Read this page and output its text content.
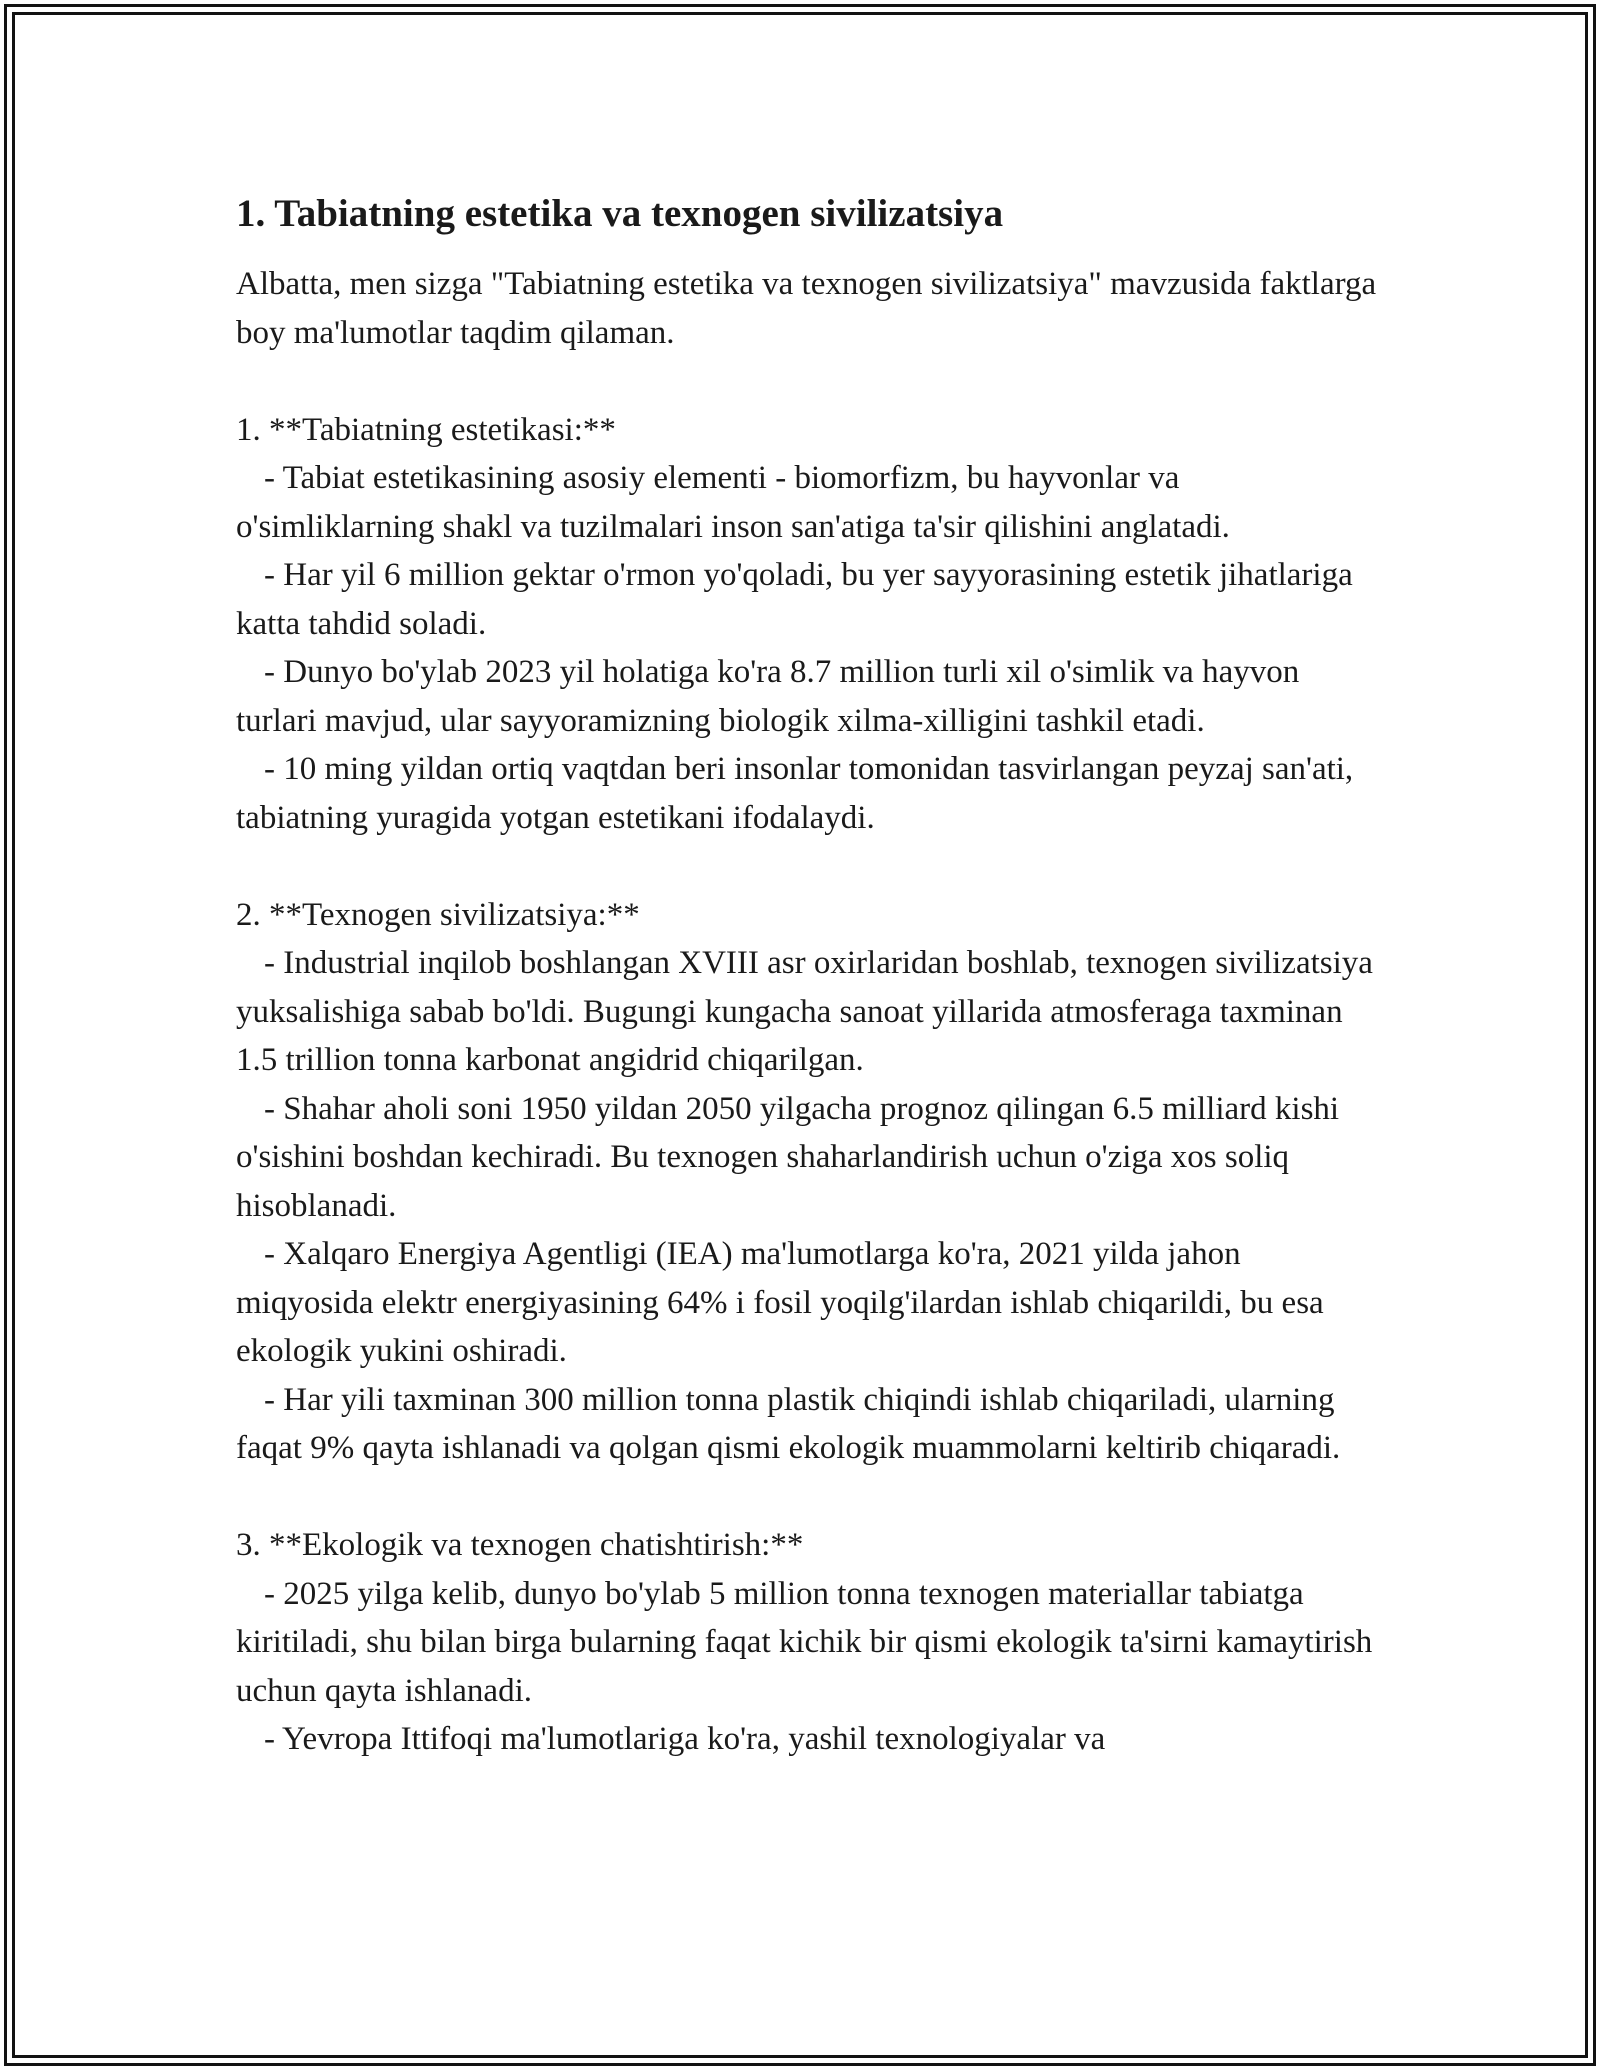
1. Tabiatning estetika va texnogen sivilizatsiya

Albatta, men sizga "Tabiatning estetika va texnogen sivilizatsiya" mavzusida faktlarga boy ma'lumotlar taqdim qilaman.

1. **Tabiatning estetikasi:**

- Tabiat estetikasining asosiy elementi - biomorfizm, bu hayvonlar va o'simliklarning shakl va tuzilmalari inson san'atiga ta'sir qilishini anglatadi.

- Har yil 6 million gektar o'rmon yo'qoladi, bu yer sayyorasining estetik jihatlariga katta tahdid soladi.

- Dunyo bo'ylab 2023 yil holatiga ko'ra 8.7 million turli xil o'simlik va hayvon turlari mavjud, ular sayyoramizning biologik xilma-xilligini tashkil etadi.

- 10 ming yildan ortiq vaqtdan beri insonlar tomonidan tasvirlangan peyzaj san'ati, tabiatning yuragida yotgan estetikani ifodalaydi.

2. **Texnogen sivilizatsiya:**

- Industrial inqilob boshlangan XVIII asr oxirlaridan boshlab, texnogen sivilizatsiya yuksalishiga sabab bo'ldi. Bugungi kungacha sanoat yillarida atmosferaga taxminan 1.5 trillion tonna karbonat angidrid chiqarilgan.

- Shahar aholi soni 1950 yildan 2050 yilgacha prognoz qilingan 6.5 milliard kishi o'sishini boshdan kechiradi. Bu texnogen shaharlandirish uchun o'ziga xos soliq hisoblanadi.

- Xalqaro Energiya Agentligi (IEA) ma'lumotlarga ko'ra, 2021 yilda jahon miqyosida elektr energiyasining 64% i fosil yoqilg'ilardan ishlab chiqarildi, bu esa ekologik yukini oshiradi.

- Har yili taxminan 300 million tonna plastik chiqindi ishlab chiqariladi, ularning faqat 9% qayta ishlanadi va qolgan qismi ekologik muammolarni keltirib chiqaradi.

3. **Ekologik va texnogen chatishtirish:**

- 2025 yilga kelib, dunyo bo'ylab 5 million tonna texnogen materiallar tabiatga kiritiladi, shu bilan birga bularning faqat kichik bir qismi ekologik ta'sirni kamaytirish uchun qayta ishlanadi.

- Yevropa Ittifoqi ma'lumotlariga ko'ra, yashil texnologiyalar va
